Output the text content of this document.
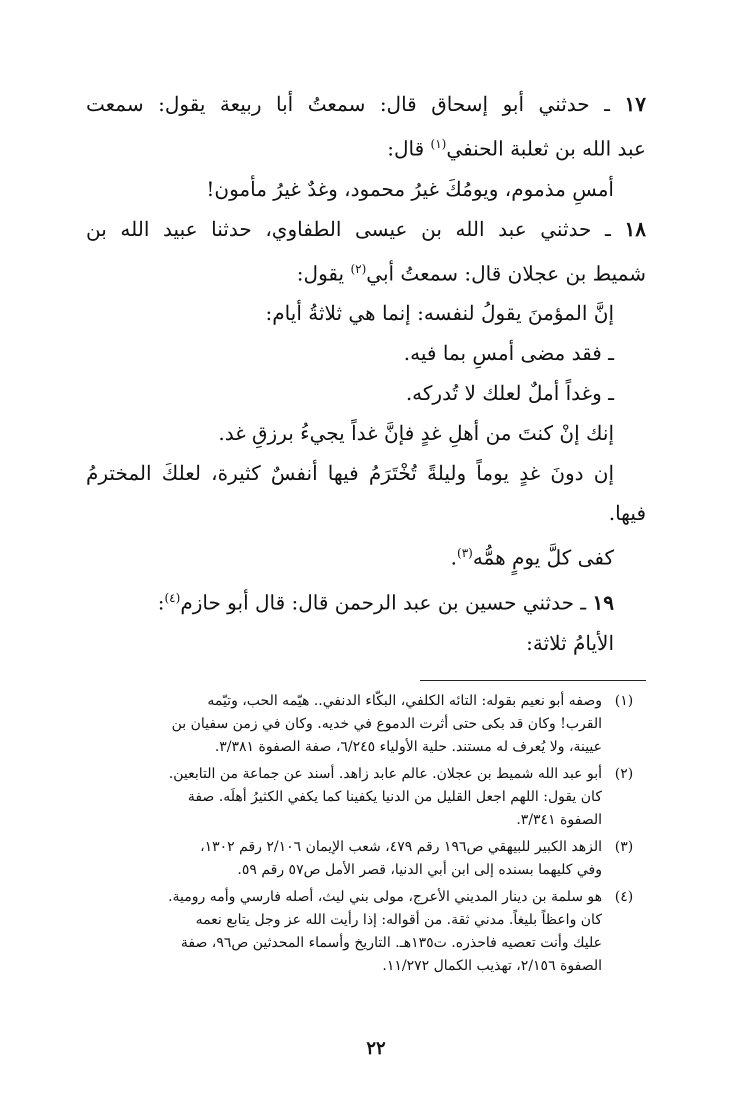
١٧ ـ حدثني أبو إسحاق قال: سمعتُ أبا ربيعة يقول: سمعت
عبد الله بن ثعلبة الحنفي$^{(١)}$ قال:
أمسِ مذموم، ويومُكَ غيرُ محمود، وغدٌ غيرُ مأمون!
١٨ ـ حدثني عبد الله بن عيسى الطفاوي، حدثنا عبيد الله بن
شميط بن عجلان قال: سمعتُ أبي$^{(٢)}$ يقول:
إنَّ المؤمنَ يقولُ لنفسه: إنما هي ثلاثةُ أيام:
ـ فقد مضى أمسِ بما فيه.
ـ وغداً أملٌ لعلك لا تُدركه.
إنك إنْ كنتَ من أهلِ غدٍ فإنَّ غداً يجيءُ برزقِ غد.
إن دونَ غدٍ يوماً وليلةً تُخْتَرَمُ فيها أنفسٌ كثيرة، لعلكَ المخترمُ
فيها.
كفى كلَّ يومٍ همُّه$^{(٣)}$.
١٩ ـ حدثني حسين بن عبد الرحمن قال: قال أبو حازم$^{(٤)}$:
الأيامُ ثلاثة:
(١)
وصفه أبو نعيم بقوله: التائه الكلفي، البكّاء الدنفي.. هيّمه الحب، وتيّمه
القرب! وكان قد بكى حتى أثرت الدموع في خديه. وكان في زمن سفيان بن
عيينة، ولا يُعرف له مستند. حلية الأولياء ٦/٢٤٥، صفة الصفوة ٣/٣٨١.
(٢)
أبو عبد الله شميط بن عجلان. عالم عابد زاهد. أسند عن جماعة من التابعين.
كان يقول: اللهم اجعل القليل من الدنيا يكفينا كما يكفي الكثيرُ أهلَه. صفة
الصفوة ٣/٣٤١.
(٣)
الزهد الكبير للبيهقي ص١٩٦ رقم ٤٧٩، شعب الإيمان ٢/١٠٦ رقم ١٣٠٢،
وفي كليهما بسنده إلى ابن أبي الدنيا، قصر الأمل ص٥٧ رقم ٥٩.
(٤)
هو سلمة بن دينار المديني الأعرج، مولى بني ليث، أصله فارسي وأمه رومية.
كان واعظاً بليغاً. مدني ثقة. من أقواله: إذا رأيت الله عز وجل يتابع نعمه
عليك وأنت تعصيه فاحذره. ت١٣٥هـ. التاريخ وأسماء المحدثين ص٩٦، صفة
الصفوة ٢/١٥٦، تهذيب الكمال ١١/٢٧٢.
٢٢
